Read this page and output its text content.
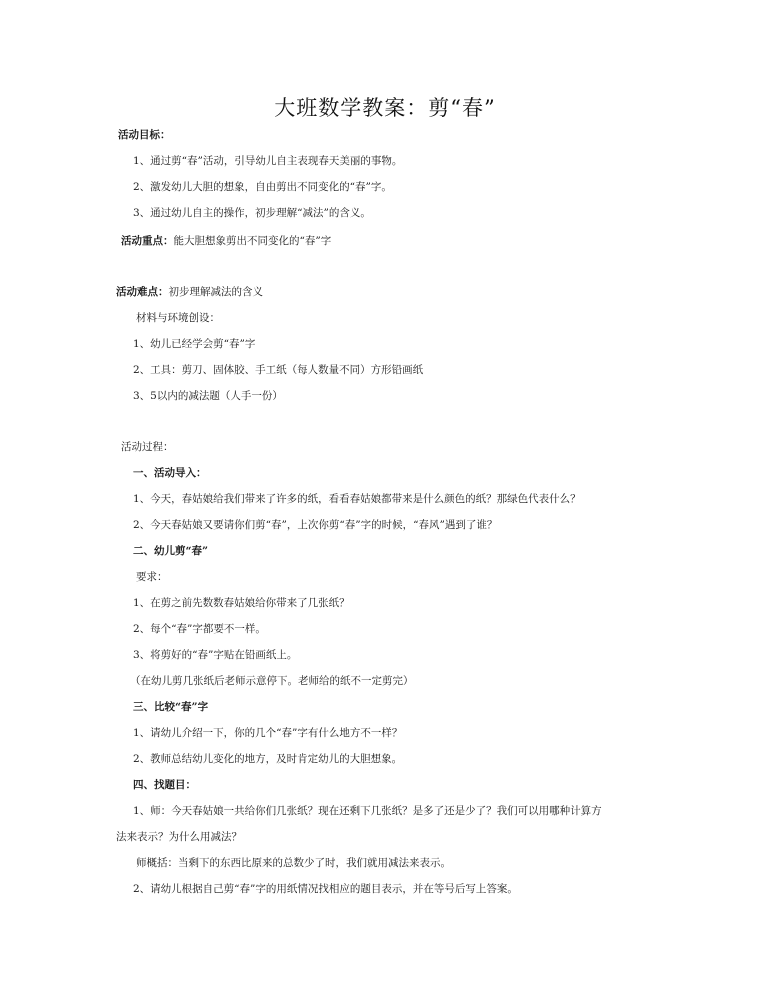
大班数学教案：剪“春”
活动目标：
1、通过剪“春”活动，引导幼儿自主表现春天美丽的事物。
2、激发幼儿大胆的想象，自由剪出不同变化的“春”字。
3、通过幼儿自主的操作，初步理解“减法”的含义。
活动重点：能大胆想象剪出不同变化的“春”字
活动难点：初步理解减法的含义
材料与环境创设：
1、幼儿已经学会剪“春”字
2、工具：剪刀、固体胶、手工纸（每人数量不同）方形铅画纸
3、5以内的减法题（人手一份）
活动过程：
一、活动导入：
1、今天，春姑娘给我们带来了许多的纸，看看春姑娘都带来是什么颜色的纸？那绿色代表什么？
2、今天春姑娘又要请你们剪“春”，上次你剪“春”字的时候，“春风”遇到了谁？
二、幼儿剪“春”
要求：
1、在剪之前先数数春姑娘给你带来了几张纸？
2、每个“春”字都要不一样。
3、将剪好的“春”字贴在铅画纸上。
（在幼儿剪几张纸后老师示意停下。老师给的纸不一定剪完）
三、比较“春”字
1、请幼儿介绍一下，你的几个“春”字有什么地方不一样？
2、教师总结幼儿变化的地方，及时肯定幼儿的大胆想象。
四、找题目：
1、师：今天春姑娘一共给你们几张纸？现在还剩下几张纸？是多了还是少了？我们可以用哪种计算方
法来表示？为什么用减法？
师概括：当剩下的东西比原来的总数少了时，我们就用减法来表示。
2、请幼儿根据自己剪“春”字的用纸情况找相应的题目表示，并在等号后写上答案。
